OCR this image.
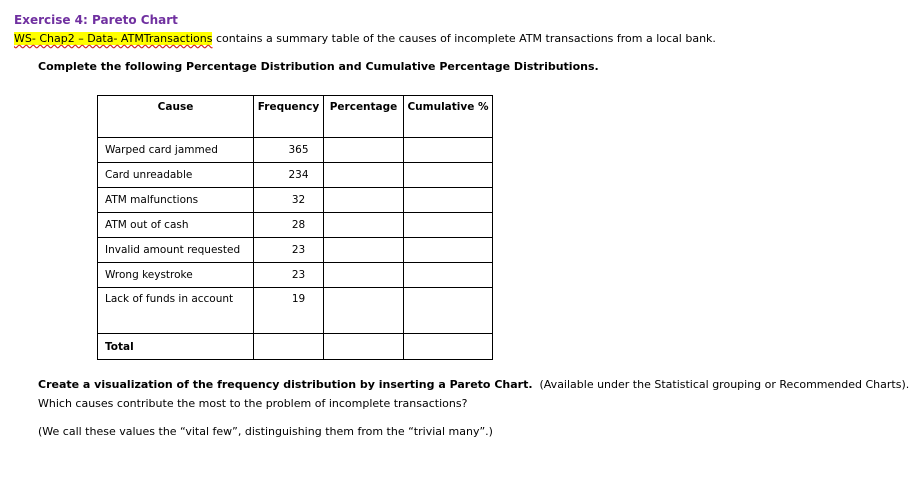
Exercise 4: Pareto Chart
WS- Chap2 – Data- ATMTransactions contains a summary table of the causes of incomplete ATM transactions from a local bank.
Complete the following Percentage Distribution and Cumulative Percentage Distributions.
Cause	Frequency	Percentage	Cumulative %
Warped card jammed	365		
Card unreadable	234		
ATM malfunctions	32		
ATM out of cash	28		
Invalid amount requested	23		
Wrong keystroke	23		
Lack of funds in account	19		
Total			
Create a visualization of the frequency distribution by inserting a Pareto Chart.  (Available under the Statistical grouping or Recommended Charts).
Which causes contribute the most to the problem of incomplete transactions?
(We call these values the “vital few”, distinguishing them from the “trivial many”.)
